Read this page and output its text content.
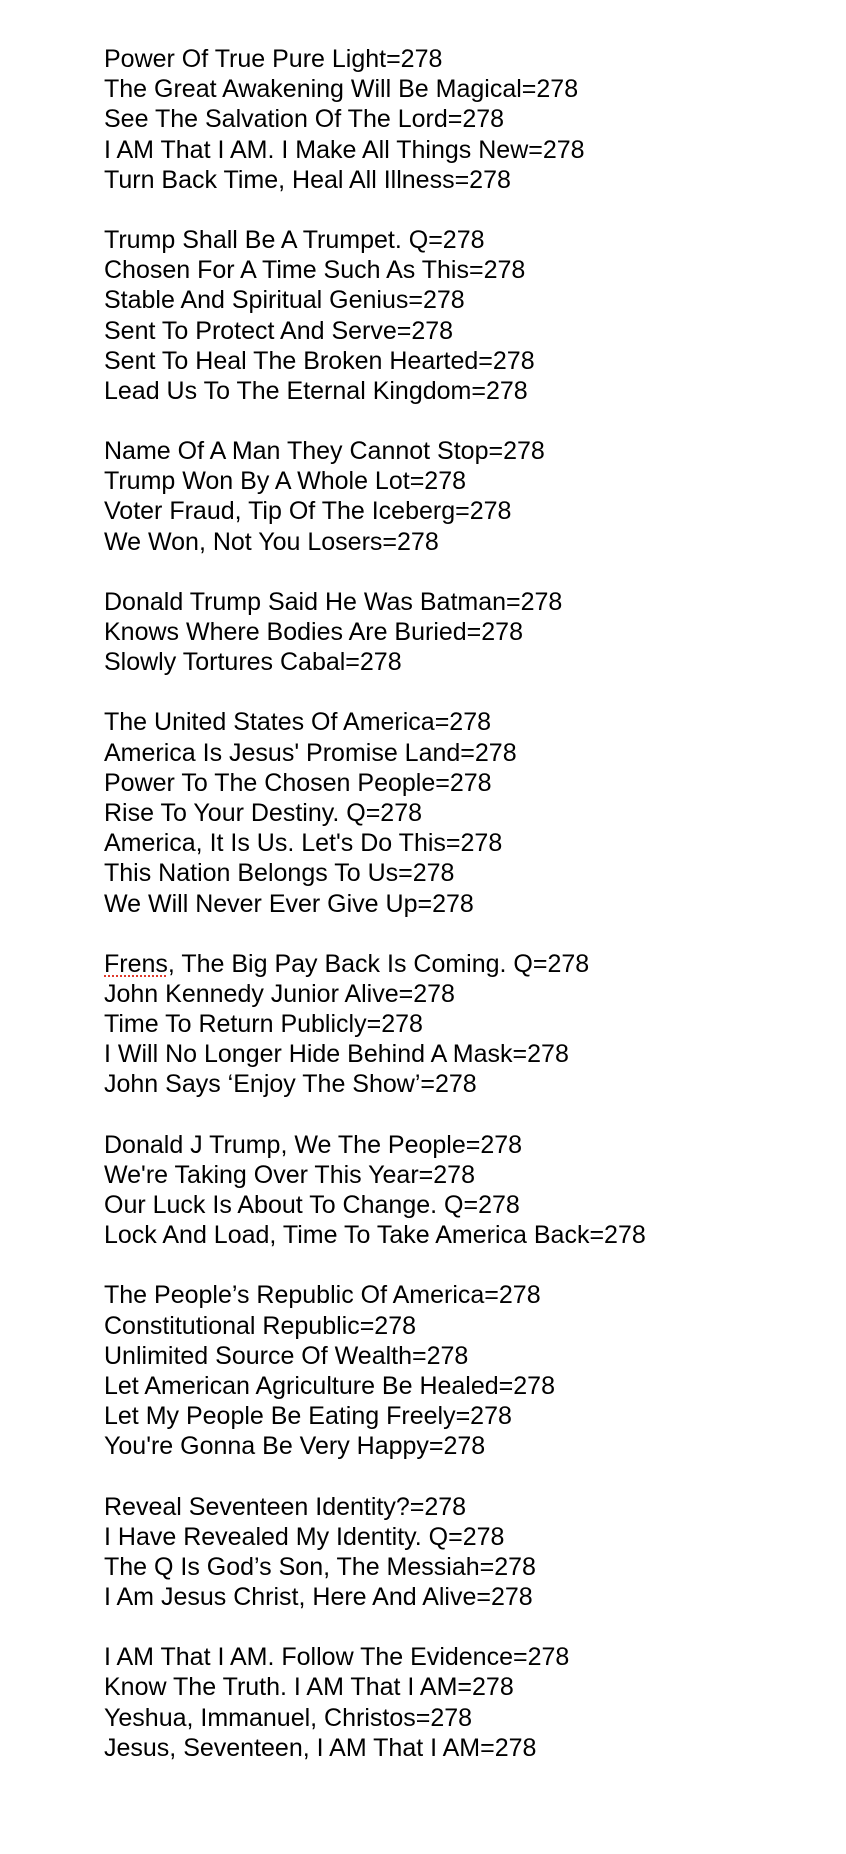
Power Of True Pure Light=278
The Great Awakening Will Be Magical=278
See The Salvation Of The Lord=278
I AM That I AM. I Make All Things New=278
Turn Back Time, Heal All Illness=278
Trump Shall Be A Trumpet. Q=278
Chosen For A Time Such As This=278
Stable And Spiritual Genius=278
Sent To Protect And Serve=278
Sent To Heal The Broken Hearted=278
Lead Us To The Eternal Kingdom=278
Name Of A Man They Cannot Stop=278
Trump Won By A Whole Lot=278
Voter Fraud, Tip Of The Iceberg=278
We Won, Not You Losers=278
Donald Trump Said He Was Batman=278
Knows Where Bodies Are Buried=278
Slowly Tortures Cabal=278
The United States Of America=278
America Is Jesus' Promise Land=278
Power To The Chosen People=278
Rise To Your Destiny. Q=278
America, It Is Us. Let's Do This=278
This Nation Belongs To Us=278
We Will Never Ever Give Up=278
Frens, The Big Pay Back Is Coming. Q=278
John Kennedy Junior Alive=278
Time To Return Publicly=278
I Will No Longer Hide Behind A Mask=278
John Says ‘Enjoy The Show’=278
Donald J Trump, We The People=278
We're Taking Over This Year=278
Our Luck Is About To Change. Q=278
Lock And Load, Time To Take America Back=278
The People’s Republic Of America=278
Constitutional Republic=278
Unlimited Source Of Wealth=278
Let American Agriculture Be Healed=278
Let My People Be Eating Freely=278
You're Gonna Be Very Happy=278
Reveal Seventeen Identity?=278
I Have Revealed My Identity. Q=278
The Q Is God’s Son, The Messiah=278
I Am Jesus Christ, Here And Alive=278
I AM That I AM. Follow The Evidence=278
Know The Truth. I AM That I AM=278
Yeshua, Immanuel, Christos=278
Jesus, Seventeen, I AM That I AM=278
